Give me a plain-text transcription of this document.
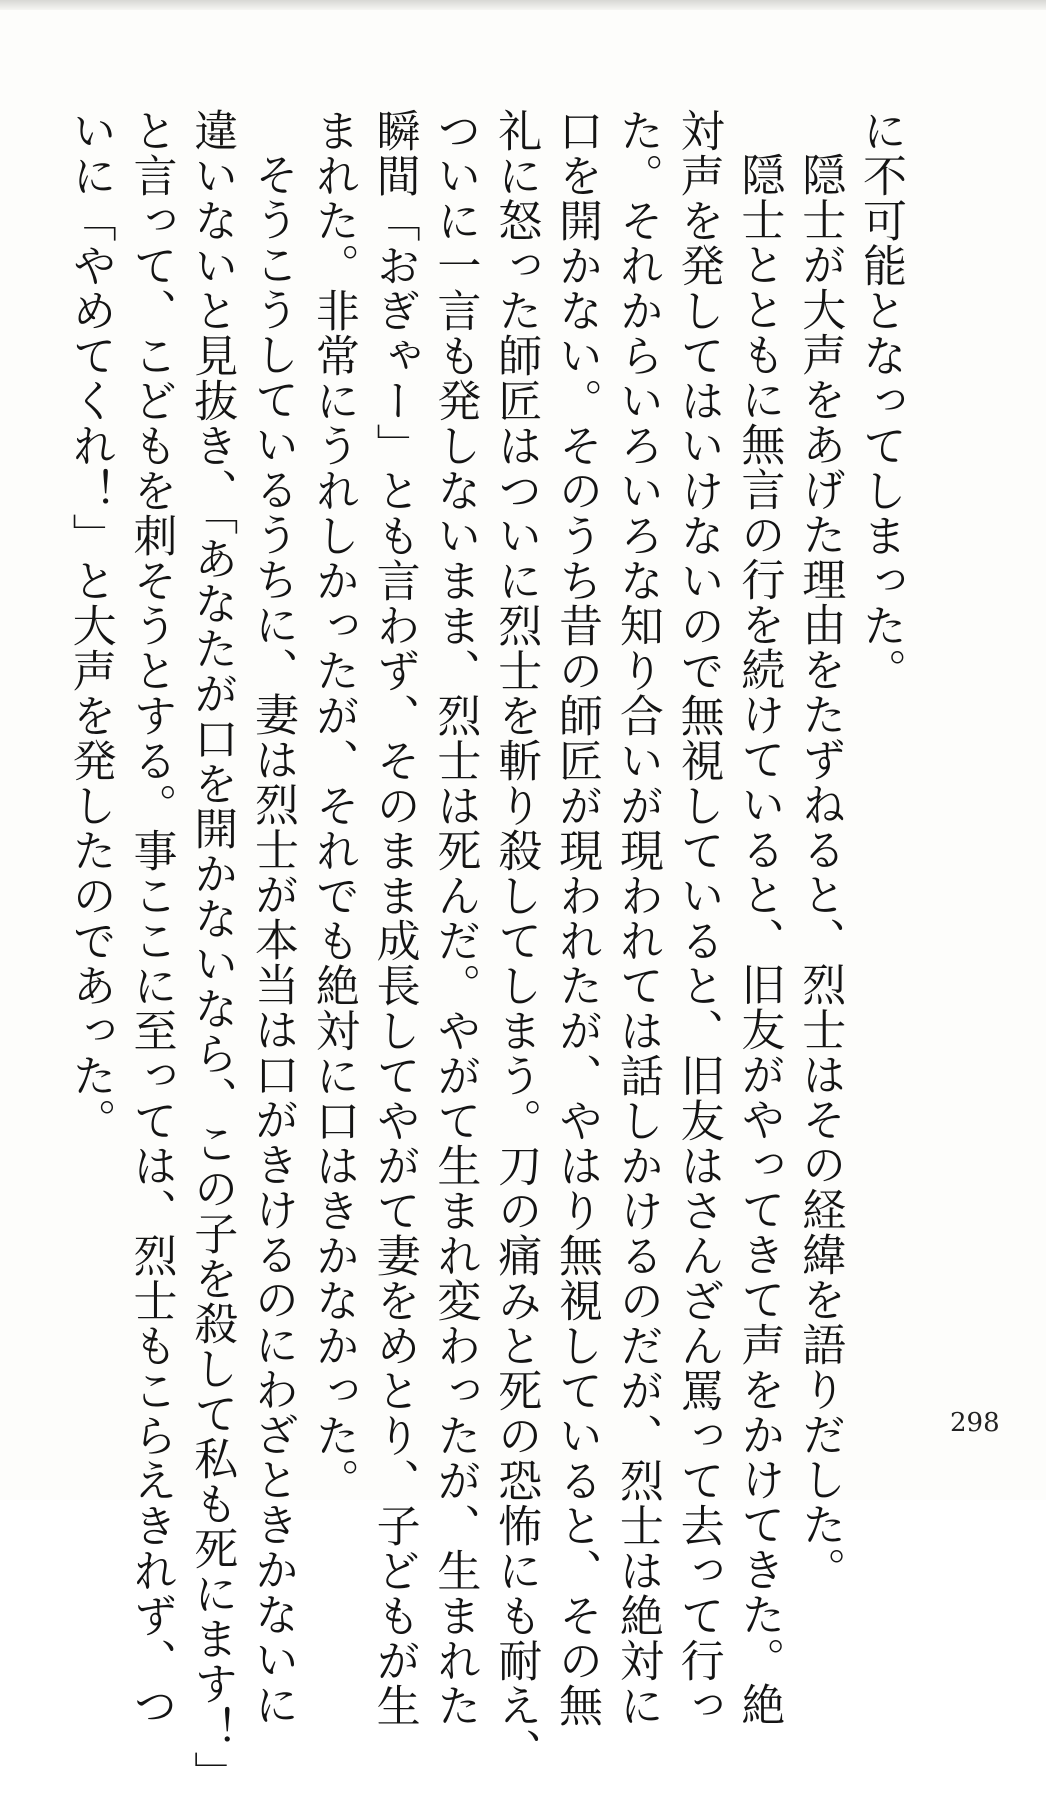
に不可能となってしまった。
隠士が大声をあげた理由をたずねると、烈士はその経緯を語りだした。
隠士とともに無言の行を続けていると、旧友がやってきて声をかけてきた。絶
対声を発してはいけないので無視していると、旧友はさんざん罵って去って行っ
た。それからいろいろな知り合いが現われては話しかけるのだが、烈士は絶対に
口を開かない。そのうち昔の師匠が現われたが、やはり無視していると、その無
礼に怒った師匠はついに烈士を斬り殺してしまう。刀の痛みと死の恐怖にも耐え、
ついに一言も発しないまま、烈士は死んだ。やがて生まれ変わったが、生まれた
瞬間「おぎゃー」とも言わず、そのまま成長してやがて妻をめとり、子どもが生
まれた。非常にうれしかったが、それでも絶対に口はきかなかった。
そうこうしているうちに、妻は烈士が本当は口がきけるのにわざときかないに
違いないと見抜き、「あなたが口を開かないなら、この子を殺して私も死にます！」
と言って、こどもを刺そうとする。事ここに至っては、烈士もこらえきれず、つ
いに「やめてくれ！」と大声を発したのであった。
298
